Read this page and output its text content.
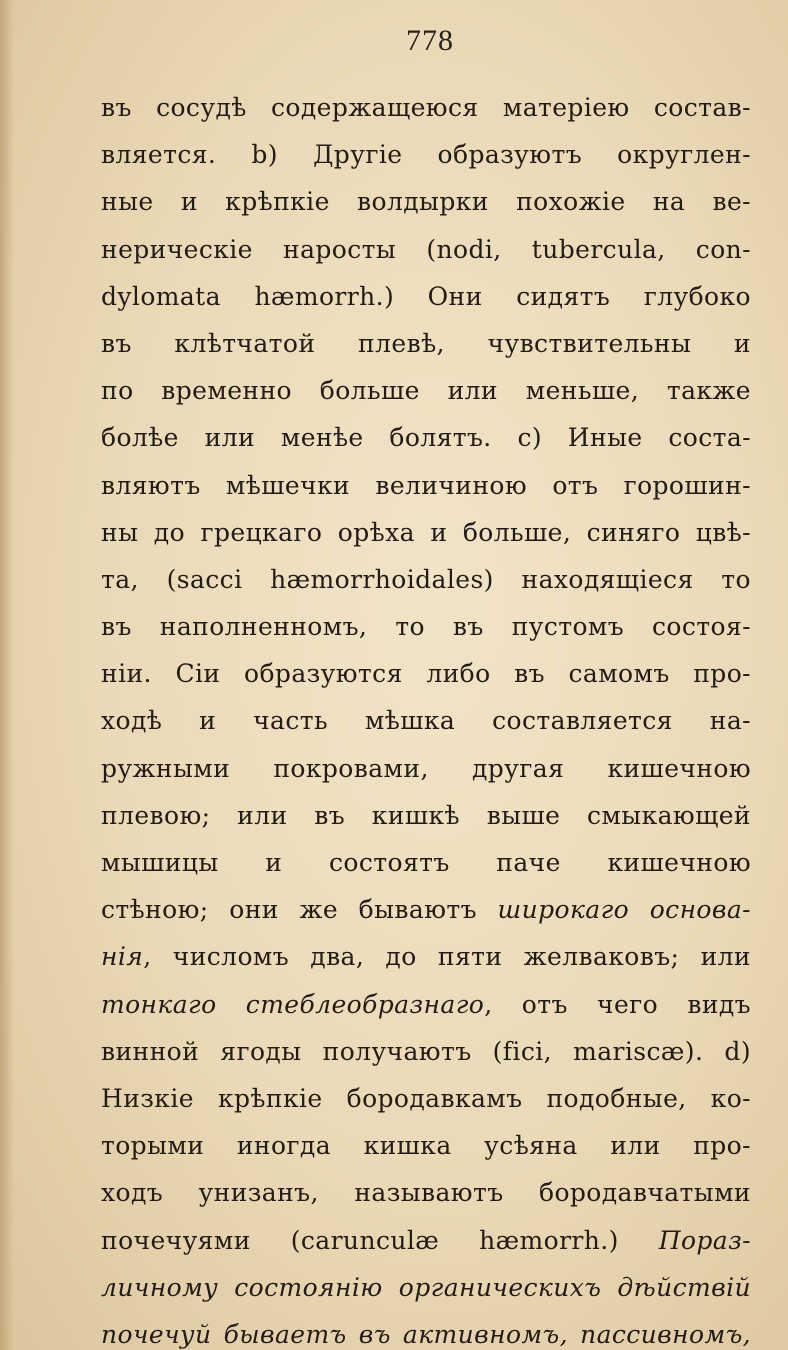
778
въ сосудѣ содержащеюся матеріею состав-
вляется. b) Другіе образуютъ округлен-
ные и крѣпкіе волдырки похожіе на ве-
нерическіе наросты (nodi, tubercula, con-
dylomata hæmorrh.) Они сидятъ глубоко
въ клѣтчатой плевѣ, чувствительны и
по временно больше или меньше, также
болѣе или менѣе болятъ. c) Иные соста-
вляютъ мѣшечки величиною отъ горошин-
ны до грецкаго орѣха и больше, синяго цвѣ-
та, (sacci hæmorrhoidales) находящіеся то
въ наполненномъ, то въ пустомъ состоя-
ніи. Сіи образуются либо въ самомъ про-
ходѣ и часть мѣшка составляется на-
ружными покровами, другая кишечною
плевою; или въ кишкѣ выше смыкающей
мышицы и состоятъ паче кишечною
стѣною; они же бываютъ широкаго основа-
нія, числомъ два, до пяти желваковъ; или
тонкаго стеблеобразнаго, отъ чего видъ
винной ягоды получаютъ (fici, mariscæ). d)
Низкіе крѣпкіе бородавкамъ подобные, ко-
торыми иногда кишка усѣяна или про-
ходъ унизанъ, называютъ бородавчатыми
почечуями (carunculæ hæmorrh.) Пораз-
личному состоянію органическихъ дѣйствій
почечуй бываетъ въ активномъ, пассивномъ,
